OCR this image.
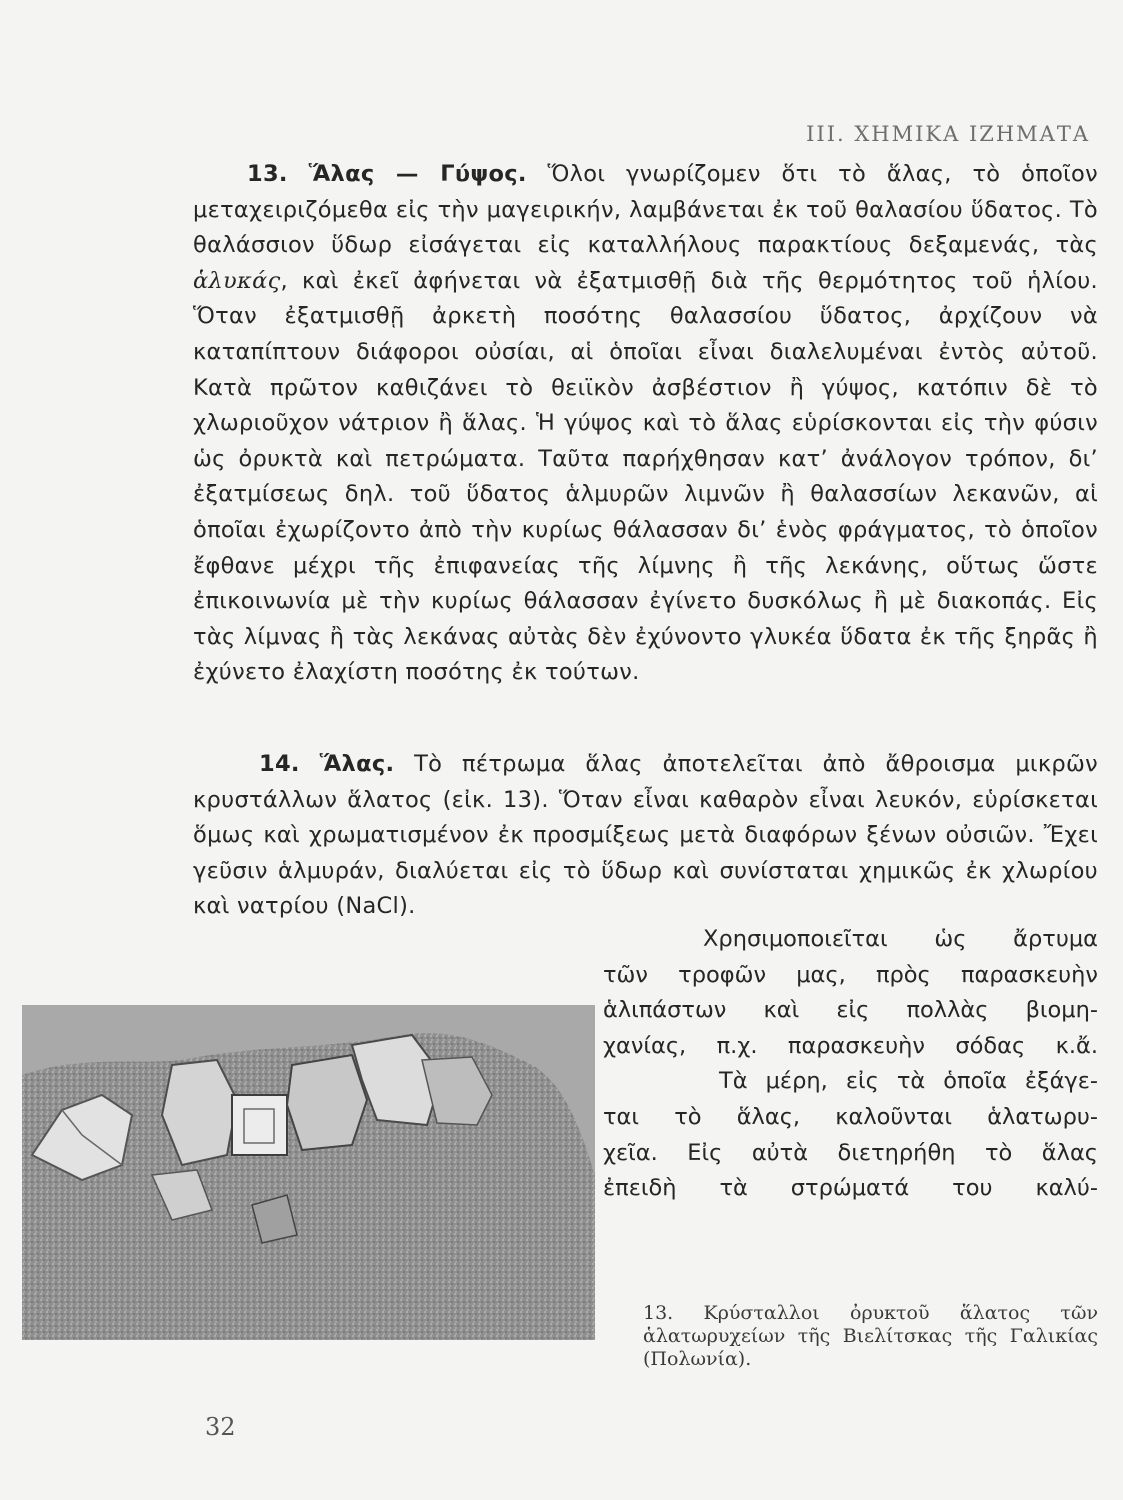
III. ΧΗΜΙΚΑ ΙΖΗΜΑΤΑ
13. Ἅλας — Γύψος. Ὅλοι γνωρίζομεν ὅτι τὸ ἅλας, τὸ ὁποῖον μεταχειριζόμεθα εἰς τὴν μαγειρικήν, λαμβάνεται ἐκ τοῦ θαλασίου ὕδατος. Τὸ θαλάσσιον ὕδωρ εἰσάγεται εἰς καταλλήλους παρακτίους δεξαμενάς, τὰς ἁλυκάς, καὶ ἐκεῖ ἀφήνεται νὰ ἐξατμισθῇ διὰ τῆς θερμότητος τοῦ ἡλίου. Ὅταν ἐξατμισθῇ ἀρκετὴ ποσότης θαλασσίου ὕδατος, ἀρχίζουν νὰ καταπίπτουν διάφοροι οὐσίαι, αἱ ὁποῖαι εἶναι διαλελυμέναι ἐντὸς αὐτοῦ. Κατὰ πρῶτον καθιζάνει τὸ θειϊκὸν ἀσβέστιον ἢ γύψος, κατόπιν δὲ τὸ χλωριοῦχον νάτριον ἢ ἅλας. Ἡ γύψος καὶ τὸ ἅλας εὑρίσκονται εἰς τὴν φύσιν ὡς ὀρυκτὰ καὶ πετρώματα. Ταῦτα παρήχθησαν κατ’ ἀνάλογον τρόπον, δι’ ἐξατμίσεως δηλ. τοῦ ὕδατος ἁλμυρῶν λιμνῶν ἢ θαλασσίων λεκανῶν, αἱ ὁποῖαι ἐχωρίζοντο ἀπὸ τὴν κυρίως θάλασσαν δι’ ἑνὸς φράγματος, τὸ ὁποῖον ἔφθανε μέχρι τῆς ἐπιφανείας τῆς λίμνης ἢ τῆς λεκάνης, οὕτως ὥστε ἐπικοινωνία μὲ τὴν κυρίως θάλασσαν ἐγίνετο δυσκόλως ἢ μὲ διακοπάς. Εἰς τὰς λίμνας ἢ τὰς λεκάνας αὐτὰς δὲν ἐχύνοντο γλυκέα ὕδατα ἐκ τῆς ξηρᾶς ἢ ἐχύνετο ἐλαχίστη ποσότης ἐκ τούτων.
14. Ἅλας. Τὸ πέτρωμα ἅλας ἀποτελεῖται ἀπὸ ἄθροισμα μικρῶν κρυστάλλων ἅλατος (εἰκ. 13). Ὅταν εἶναι καθαρὸν εἶναι λευκόν, εὑρίσκεται ὅμως καὶ χρωματισμένον ἐκ προσμίξεως μετὰ διαφόρων ξένων οὐσιῶν. Ἔχει γεῦσιν ἁλμυράν, διαλύεται εἰς τὸ ὕδωρ καὶ συνίσταται χημικῶς ἐκ χλωρίου καὶ νατρίου (NaCl).
Χρησιμοποιεῖται ὡς ἄρτυμα
τῶν τροφῶν μας, πρὸς παρασκευὴν
ἁλιπάστων καὶ εἰς πολλὰς βιομη-
χανίας, π.χ. παρασκευὴν σόδας κ.ἄ.
Τὰ μέρη, εἰς τὰ ὁποῖα ἐξάγε-
ται τὸ ἅλας, καλοῦνται ἁλατωρυ-
χεῖα. Εἰς αὐτὰ διετηρήθη τὸ ἅλας
ἐπειδὴ τὰ στρώματά του καλύ-
13. Κρύσταλλοι ὀρυκτοῦ ἅλατος τῶν ἁλατωρυχείων τῆς Βιελίτσκας τῆς Γαλικίας (Πολωνία).
32
